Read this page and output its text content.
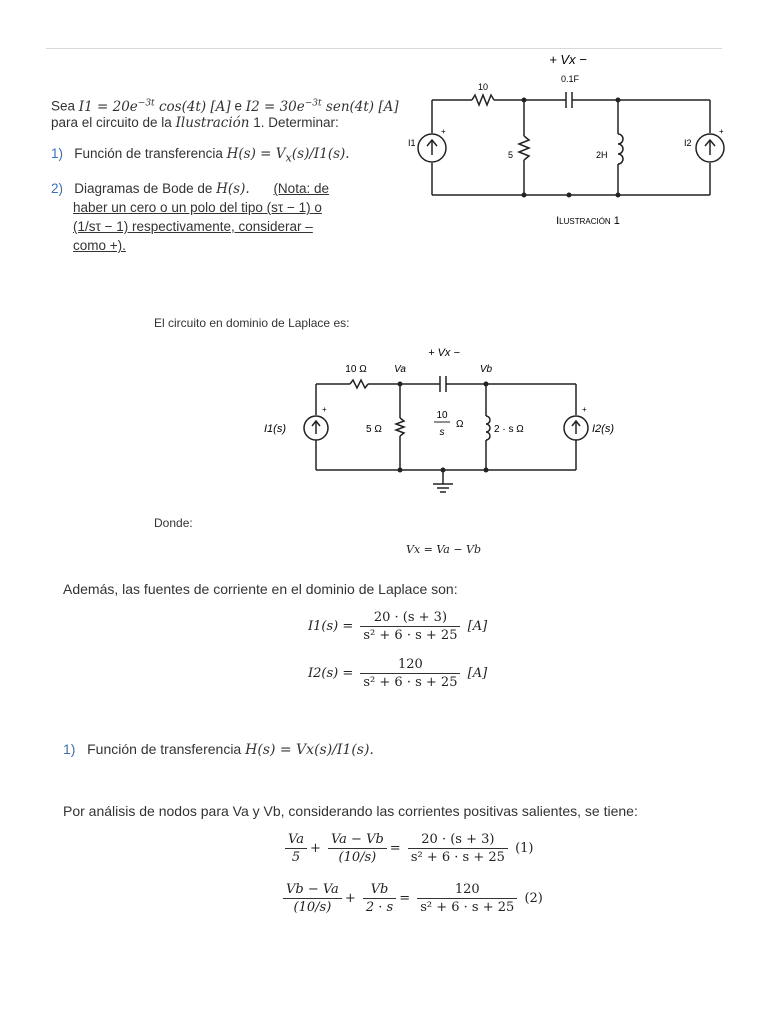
Sea $I1 = 20e^{-3t}$ cos(4t) [A] e $I2 = 30e^{-3t}$ sen(4t) [A]
para el circuito de la Ilustración 1. Determinar:
1) Función de transferencia $H(s) = V_x(s)/I1(s)$.
2) Diagramas de Bode de H(s). (Nota: de
haber un cero o un polo del tipo (sτ − 1) o
(1/sτ − 1) respectivamente, considerar –
como +).
+ Vx −
10
0.1F
I1
5	2H
I2
+	+
Ilustración 1
El circuito en dominio de Laplace es:
+ Vx −
10 Ω	Va	Vb
I1(s)	5 Ω
10
s
Ω	2 · s Ω	I2(s)
+	+
Donde:
Vx = Va − Vb
Además, las fuentes de corriente en el dominio de Laplace son:
$I1(s) = \frac{20 \cdot (s + 3)}{\text{s² + 6 · s + 25}} [A]$
$I2(s) = \frac{120}{\text{s² + 6 · s + 25}} [A]$
1) Función de transferencia H(s) = Vx(s)/I1(s).
Por análisis de nodos para Va y Vb, considerando las corrientes positivas salientes, se tiene:
$\frac{Va}{5} + \frac{Va - Vb}{(10/s)} = \frac{20 \cdot (s + 3)}{\text{s² + 6 · s + 25}} (1)$
$\frac{Vb - Va}{(10/s)} + \frac{Vb}{2 \cdot s} = \frac{120}{\text{s² + 6 · s + 25}} (2)$
